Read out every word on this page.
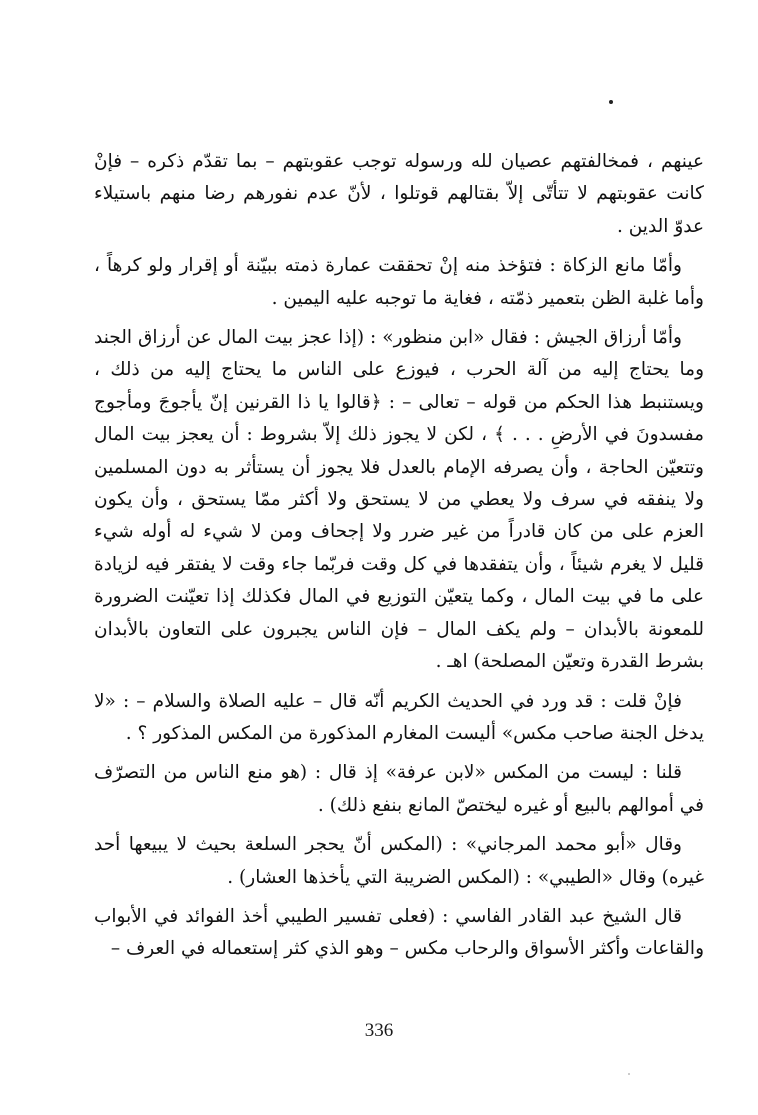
عينهم ، فمخالفتهم عصيان لله ورسوله توجب عقوبتهم – بما تقدّم ذكره – فإنْ كانت عقوبتهم لا تتأتّى إلاّ بقتالهم قوتلوا ، لأنّ عدم نفورهم رضا منهم باستيلاء عدوّ الدين .

وأمّا مانع الزكاة : فتؤخذ منه إنْ تحققت عمارة ذمته ببيّنة أو إقرار ولو كرهاً ، وأما غلبة الظن بتعمير ذمّته ، فغاية ما توجبه عليه اليمين .

وأمّا أرزاق الجيش : فقال «ابن منظور» : (إذا عجز بيت المال عن أرزاق الجند وما يحتاج إليه من آلة الحرب ، فيوزع على الناس ما يحتاج إليه من ذلك ، ويستنبط هذا الحكم من قوله – تعالى – : ﴿قالوا يا ذا القرنين إنّ يأجوجَ ومأجوج مفسدونَ في الأرضِ . . . ﴾ ، لكن لا يجوز ذلك إلاّ بشروط : أن يعجز بيت المال وتتعيّن الحاجة ، وأن يصرفه الإمام بالعدل فلا يجوز أن يستأثر به دون المسلمين ولا ينفقه في سرف ولا يعطي من لا يستحق ولا أكثر ممّا يستحق ، وأن يكون العزم على من كان قادراً من غير ضرر ولا إجحاف ومن لا شيء له أوله شيء قليل لا يغرم شيئاً ، وأن يتفقدها في كل وقت فربّما جاء وقت لا يفتقر فيه لزيادة على ما في بيت المال ، وكما يتعيّن التوزيع في المال فكذلك إذا تعيّنت الضرورة للمعونة بالأبدان – ولم يكف المال – فإن الناس يجبرون على التعاون بالأبدان بشرط القدرة وتعيّن المصلحة) اهـ .

فإنْ قلت : قد ورد في الحديث الكريم أنّه قال – عليه الصلاة والسلام – : «لا يدخل الجنة صاحب مكس» أليست المغارم المذكورة من المكس المذكور ؟ .

قلنا : ليست من المكس «لابن عرفة» إذ قال : (هو منع الناس من التصرّف في أموالهم بالبيع أو غيره ليختصّ المانع بنفع ذلك) .

وقال «أبو محمد المرجاني» : (المكس أنّ يحجر السلعة بحيث لا يبيعها أحد غيره) وقال «الطيبي» : (المكس الضريبة التي يأخذها العشار) .

قال الشيخ عبد القادر الفاسي : (فعلى تفسير الطيبي أخذ الفوائد في الأبواب والقاعات وأكثر الأسواق والرحاب مكس – وهو الذي كثر إستعماله في العرف –

336
